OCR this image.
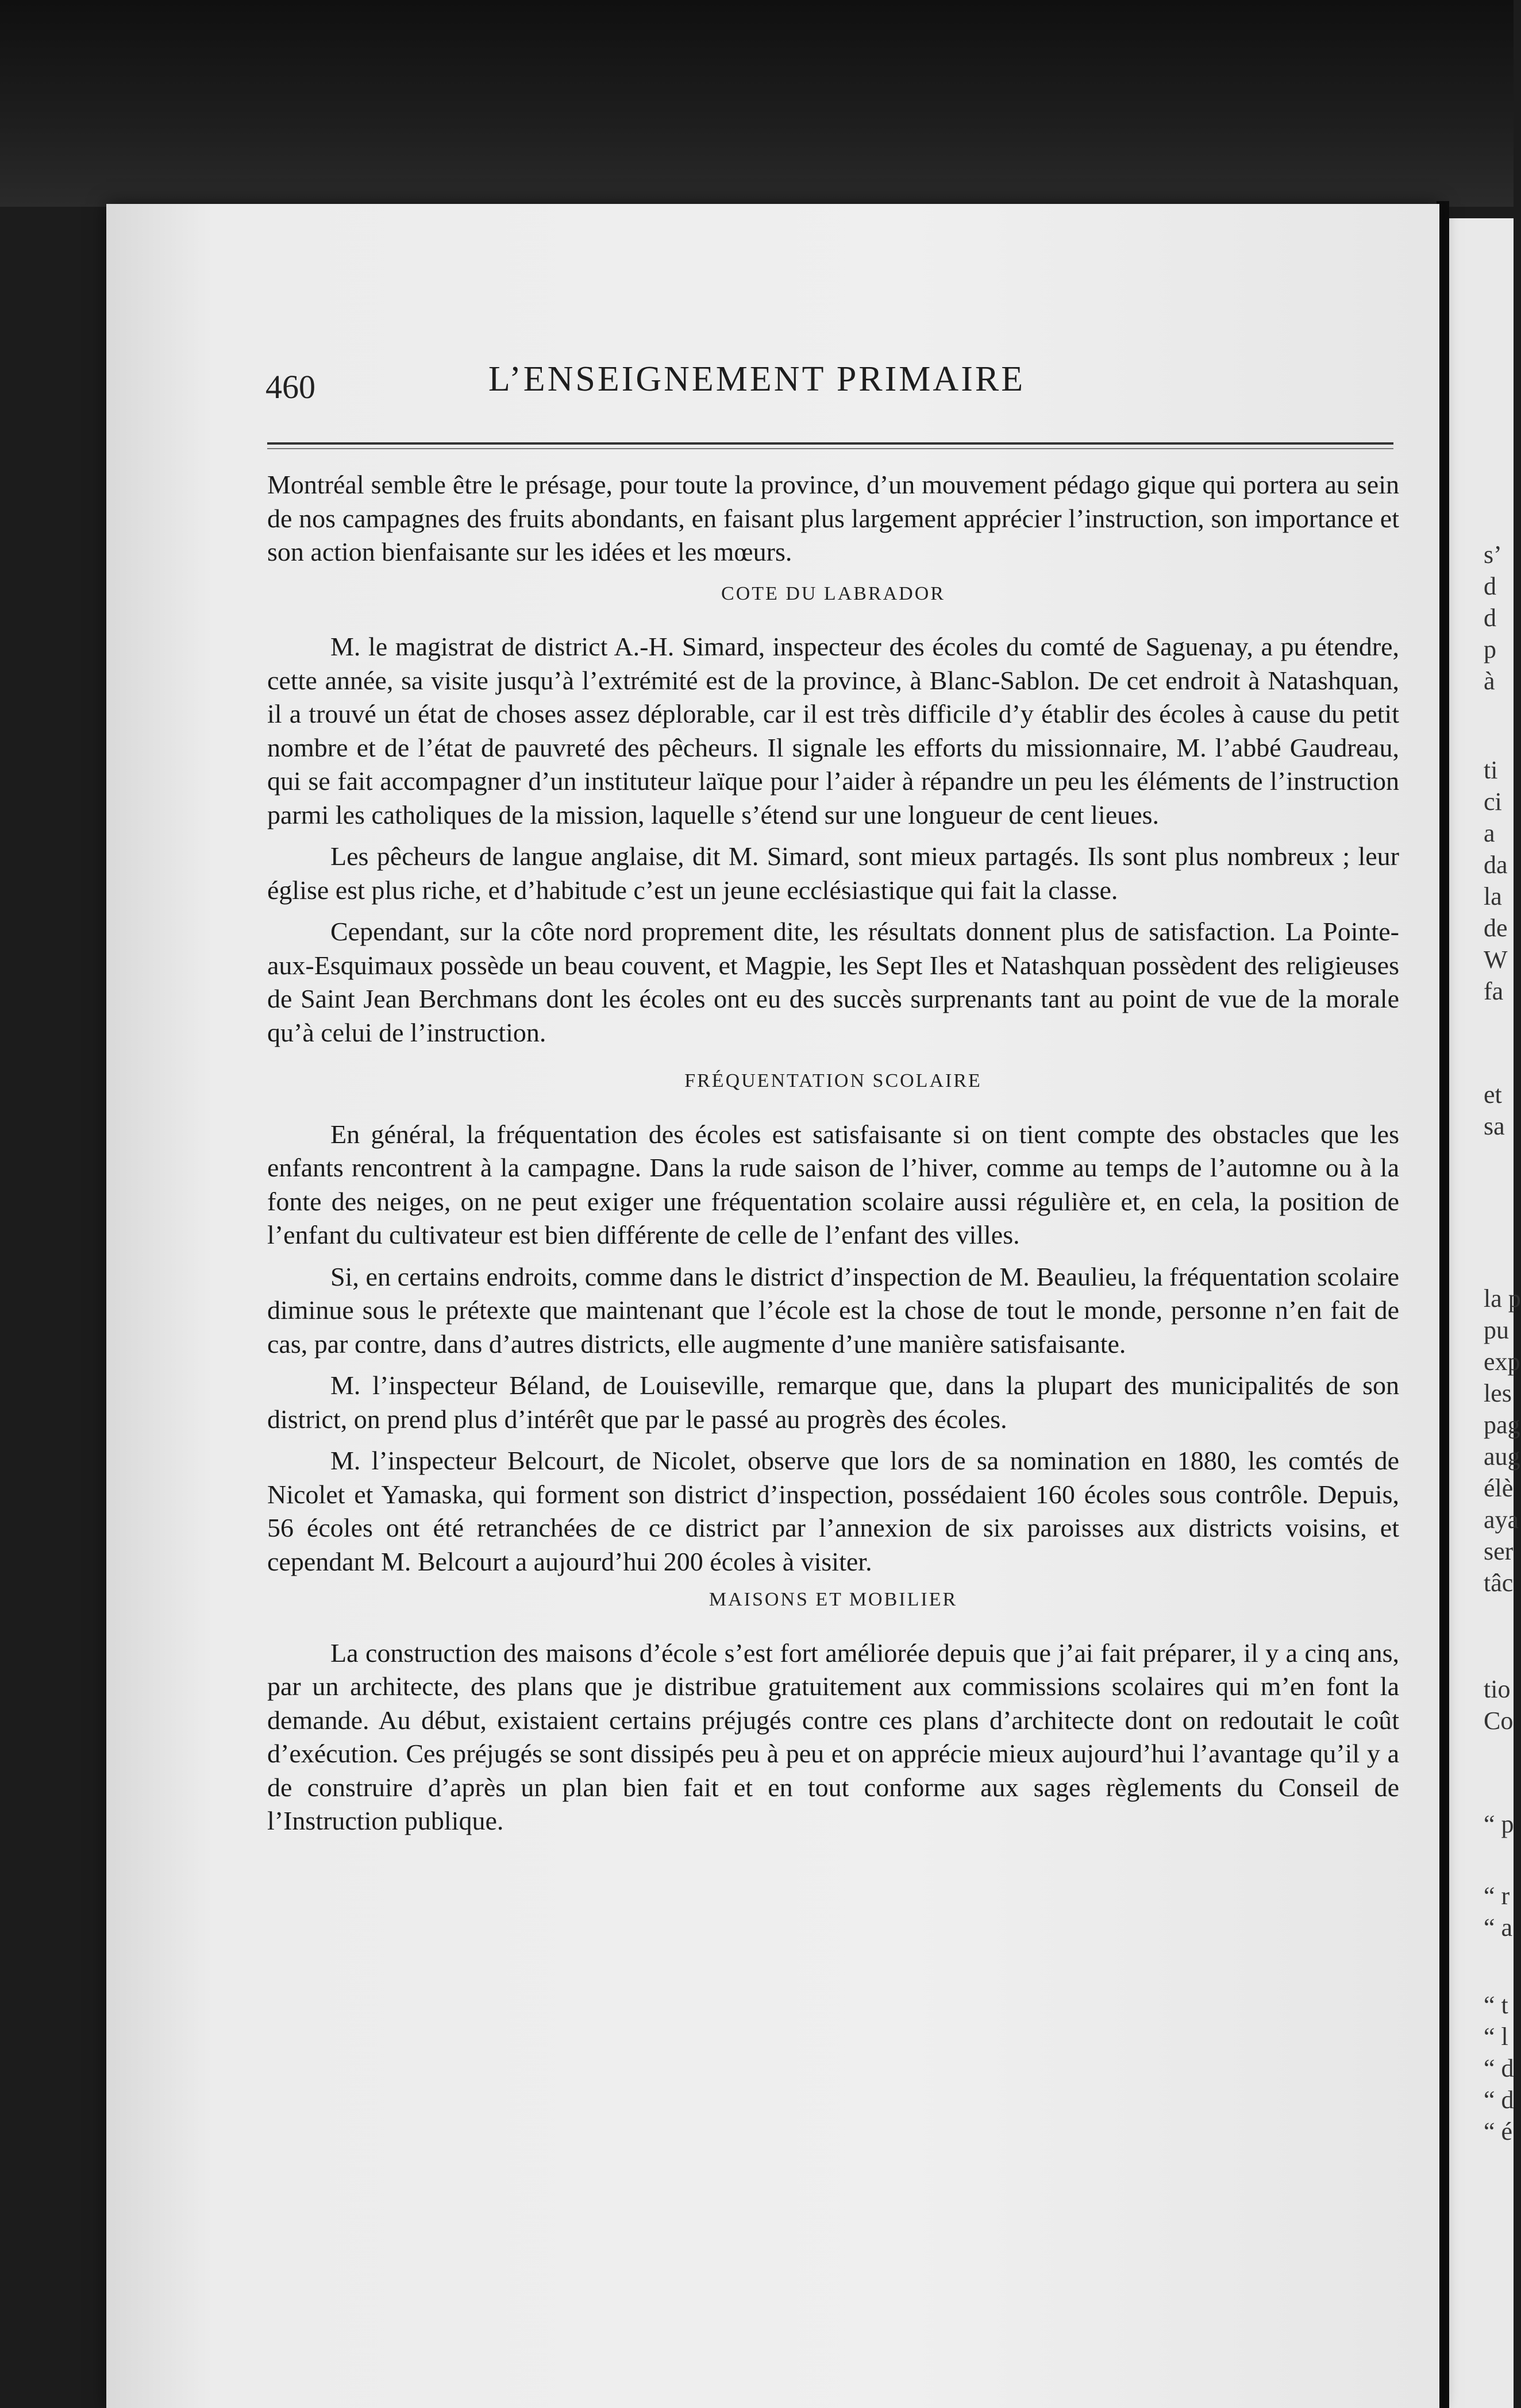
s’
d
d
p
à
ti
ci
a
da
la
de
W
fa
et
sa
la p
pu
exp
les
pag
aug
élè
aya
ser
tâc
tio
Co
“ p
“ r
“ a
“ t
“ l
“ d
“ d
“ é
460	L’ENSEIGNEMENT PRIMAIRE

Montréal semble être le présage, pour toute la province, d’un mouvement pédago gique qui portera au sein de nos campagnes des fruits abondants, en faisant plus largement apprécier l’instruction, son importance et son action bienfaisante sur les idées et les mœurs.

COTE DU LABRADOR

M. le magistrat de district A.-H. Simard, inspecteur des écoles du comté de Saguenay, a pu étendre, cette année, sa visite jusqu’à l’extrémité est de la province, à Blanc-Sablon. De cet endroit à Natashquan, il a trouvé un état de choses assez déplorable, car il est très difficile d’y établir des écoles à cause du petit nombre et de l’état de pauvreté des pêcheurs. Il signale les efforts du missionnaire, M. l’abbé Gaudreau, qui se fait accompagner d’un instituteur laïque pour l’aider à répandre un peu les éléments de l’instruction parmi les catholiques de la mission, laquelle s’étend sur une longueur de cent lieues.

Les pêcheurs de langue anglaise, dit M. Simard, sont mieux partagés. Ils sont plus nombreux ; leur église est plus riche, et d’habitude c’est un jeune ecclésiastique qui fait la classe.

Cependant, sur la côte nord proprement dite, les résultats donnent plus de satisfaction. La Pointe-aux-Esquimaux possède un beau couvent, et Magpie, les Sept Iles et Natashquan possèdent des religieuses de Saint Jean Berchmans dont les écoles ont eu des succès surprenants tant au point de vue de la morale qu’à celui de l’instruction.

FRÉQUENTATION SCOLAIRE

En général, la fréquentation des écoles est satisfaisante si on tient compte des obstacles que les enfants rencontrent à la campagne. Dans la rude saison de l’hiver, comme au temps de l’automne ou à la fonte des neiges, on ne peut exiger une fréquentation scolaire aussi régulière et, en cela, la position de l’enfant du cultivateur est bien différente de celle de l’enfant des villes.

Si, en certains endroits, comme dans le district d’inspection de M. Beaulieu, la fréquentation scolaire diminue sous le prétexte que maintenant que l’école est la chose de tout le monde, personne n’en fait de cas, par contre, dans d’autres districts, elle augmente d’une manière satisfaisante.

M. l’inspecteur Béland, de Louiseville, remarque que, dans la plupart des municipalités de son district, on prend plus d’intérêt que par le passé au progrès des écoles.

M. l’inspecteur Belcourt, de Nicolet, observe que lors de sa nomination en 1880, les comtés de Nicolet et Yamaska, qui forment son district d’inspection, possédaient 160 écoles sous contrôle. Depuis, 56 écoles ont été retranchées de ce district par l’annexion de six paroisses aux districts voisins, et cependant M. Belcourt a aujourd’hui 200 écoles à visiter.

MAISONS ET MOBILIER

La construction des maisons d’école s’est fort améliorée depuis que j’ai fait préparer, il y a cinq ans, par un architecte, des plans que je distribue gratuitement aux commissions scolaires qui m’en font la demande. Au début, existaient certains préjugés contre ces plans d’architecte dont on redoutait le coût d’exécution. Ces préjugés se sont dissipés peu à peu et on apprécie mieux aujourd’hui l’avantage qu’il y a de construire d’après un plan bien fait et en tout conforme aux sages règlements du Conseil de l’Instruction publique.
